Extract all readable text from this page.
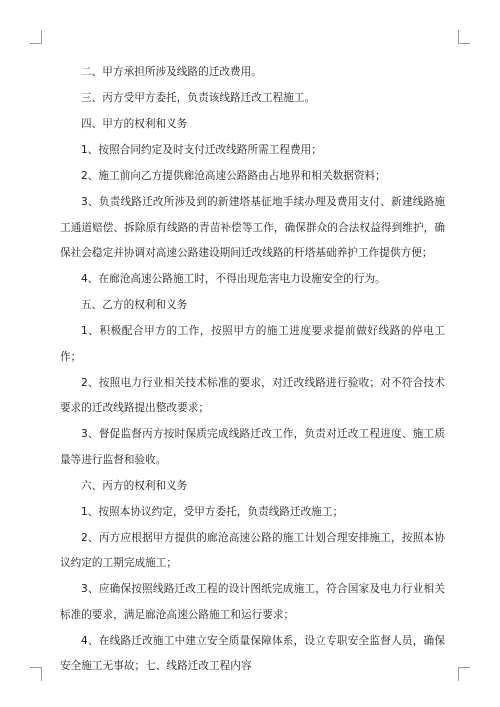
二、甲方承担所涉及线路的迁改费用。

三、丙方受甲方委托，负责该线路迁改工程施工。

四、甲方的权利和义务

1、按照合同约定及时支付迁改线路所需工程费用；

2、施工前向乙方提供廊沧高速公路路由占地界和相关数据资料；

3、负责线路迁改所涉及到的新建塔基征地手续办理及费用支付、新建线路施工通道赔偿、拆除原有线路的青苗补偿等工作，确保群众的合法权益得到维护，确保社会稳定并协调对高速公路建设期间迁改线路的杆塔基础养护工作提供方便；

4、在廊沧高速公路施工时，不得出现危害电力设施安全的行为。

五、乙方的权利和义务

1、积极配合甲方的工作，按照甲方的施工进度要求提前做好线路的停电工作；

2、按照电力行业相关技术标准的要求，对迁改线路进行验收；对不符合技术要求的迁改线路提出整改要求；

3、督促监督丙方按时保质完成线路迁改工作，负责对迁改工程进度、施工质量等进行监督和验收。

六、丙方的权利和义务

1、按照本协议约定，受甲方委托，负责线路迁改施工；

2、丙方应根据甲方提供的廊沧高速公路的施工计划合理安排施工，按照本协议约定的工期完成施工；

3、应确保按照线路迁改工程的设计图纸完成施工，符合国家及电力行业相关标准的要求，满足廊沧高速公路施工和运行要求；

4、在线路迁改施工中建立安全质量保障体系，设立专职安全监督人员，确保安全施工无事故；七、线路迁改工程内容
